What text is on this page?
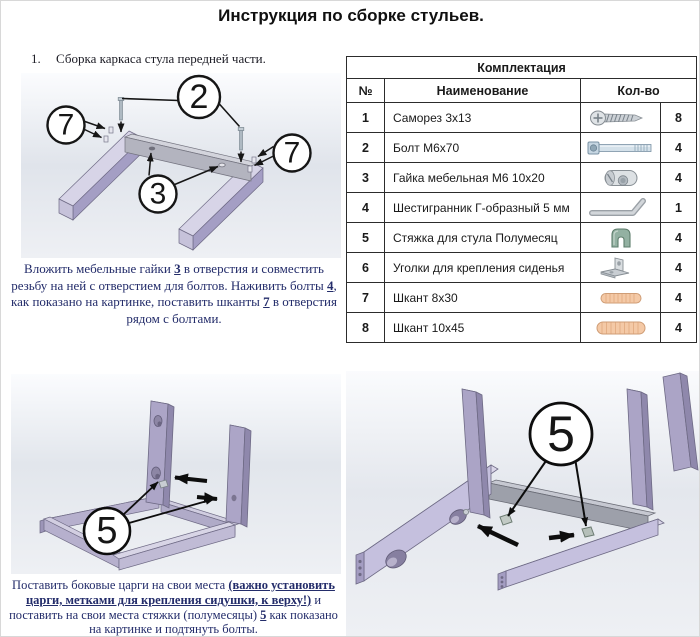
Инструкция по сборке стульев.
1. Сборка каркаса стула передней части.
2
7
7
3

Вложить мебельные гайки 3 в отверстия и совместить резьбу на ней с отверстием для болтов. Наживить болты 4, как показано на картинке, поставить шканты 7 в отверстия рядом с болтами.

Комплектация			
№	Наименование	Кол-во	
1	Саморез 3х13		8
2	Болт М6х70		4
3	Гайка мебельная М6 10х20		4
4	Шестигранник Г-образный 5 мм		1
5	Стяжка для стула Полумесяц		4
6	Уголки для крепления сиденья		4
7	Шкант 8х30		4
8	Шкант 10х45		4
5

Поставить боковые царги на свои места (важно установить царги, метками для крепления сидушки, к верху!) и поставить на свои места стяжки (полумесяцы) 5 как показано на картинке и подтянуть болты.

5
